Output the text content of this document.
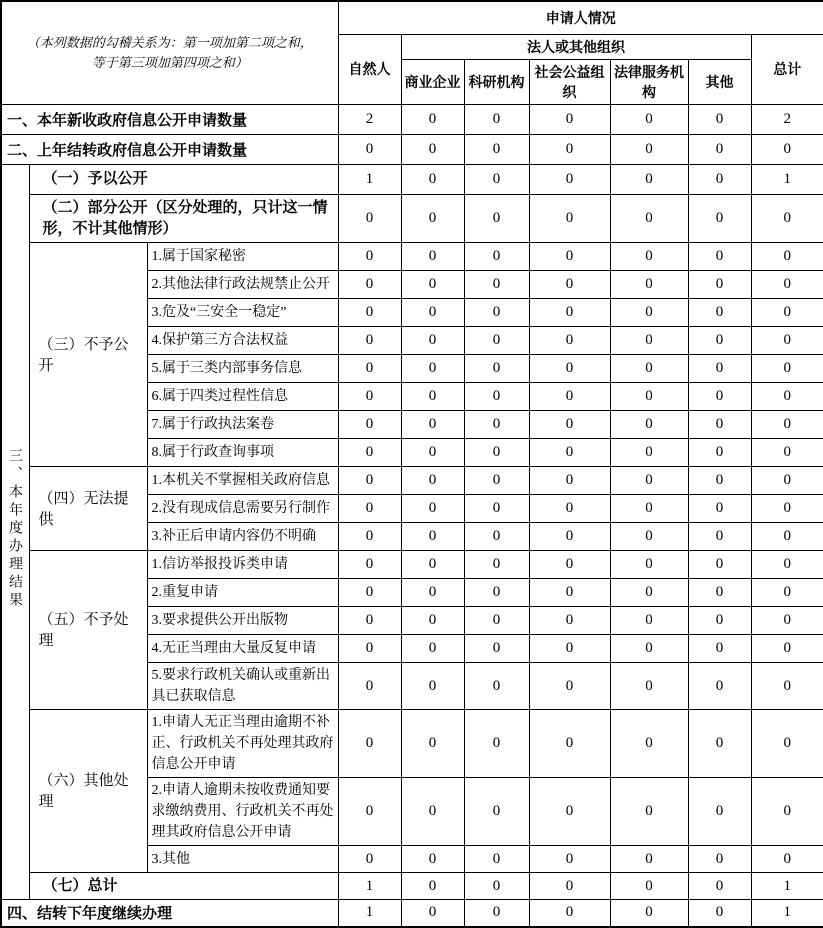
（本列数据的勾稽关系为：第一项加第二项之和，
等于第三项加第四项之和）			申请人情况						
			自然人	法人或其他组织					总计
				商业企业	科研机构	社会公益组织	法律服务机构	其他	
一、本年新收政府信息公开申请数量			2	0	0	0	0	0	2
二、上年结转政府信息公开申请数量			0	0	0	0	0	0	0
三、本年度办理结果	（一）予以公开		1	0	0	0	0	0	1
	（二）部分公开（区分处理的，只计这一情形，不计其他情形）		0	0	0	0	0	0	0
	（三）不予公开	1.属于国家秘密	0	0	0	0	0	0	0
		2.其他法律行政法规禁止公开	0	0	0	0	0	0	0
		3.危及“三安全一稳定”	0	0	0	0	0	0	0
		4.保护第三方合法权益	0	0	0	0	0	0	0
		5.属于三类内部事务信息	0	0	0	0	0	0	0
		6.属于四类过程性信息	0	0	0	0	0	0	0
		7.属于行政执法案卷	0	0	0	0	0	0	0
		8.属于行政查询事项	0	0	0	0	0	0	0
	（四）无法提供	1.本机关不掌握相关政府信息	0	0	0	0	0	0	0
		2.没有现成信息需要另行制作	0	0	0	0	0	0	0
		3.补正后申请内容仍不明确	0	0	0	0	0	0	0
	（五）不予处理	1.信访举报投诉类申请	0	0	0	0	0	0	0
		2.重复申请	0	0	0	0	0	0	0
		3.要求提供公开出版物	0	0	0	0	0	0	0
		4.无正当理由大量反复申请	0	0	0	0	0	0	0
		5.要求行政机关确认或重新出具已获取信息	0	0	0	0	0	0	0
	（六）其他处理	1.申请人无正当理由逾期不补正、行政机关不再处理其政府信息公开申请	0	0	0	0	0	0	0
		2.申请人逾期未按收费通知要求缴纳费用、行政机关不再处理其政府信息公开申请	0	0	0	0	0	0	0
		3.其他	0	0	0	0	0	0	0
	（七）总计		1	0	0	0	0	0	1
四、结转下年度继续办理			1	0	0	0	0	0	1
